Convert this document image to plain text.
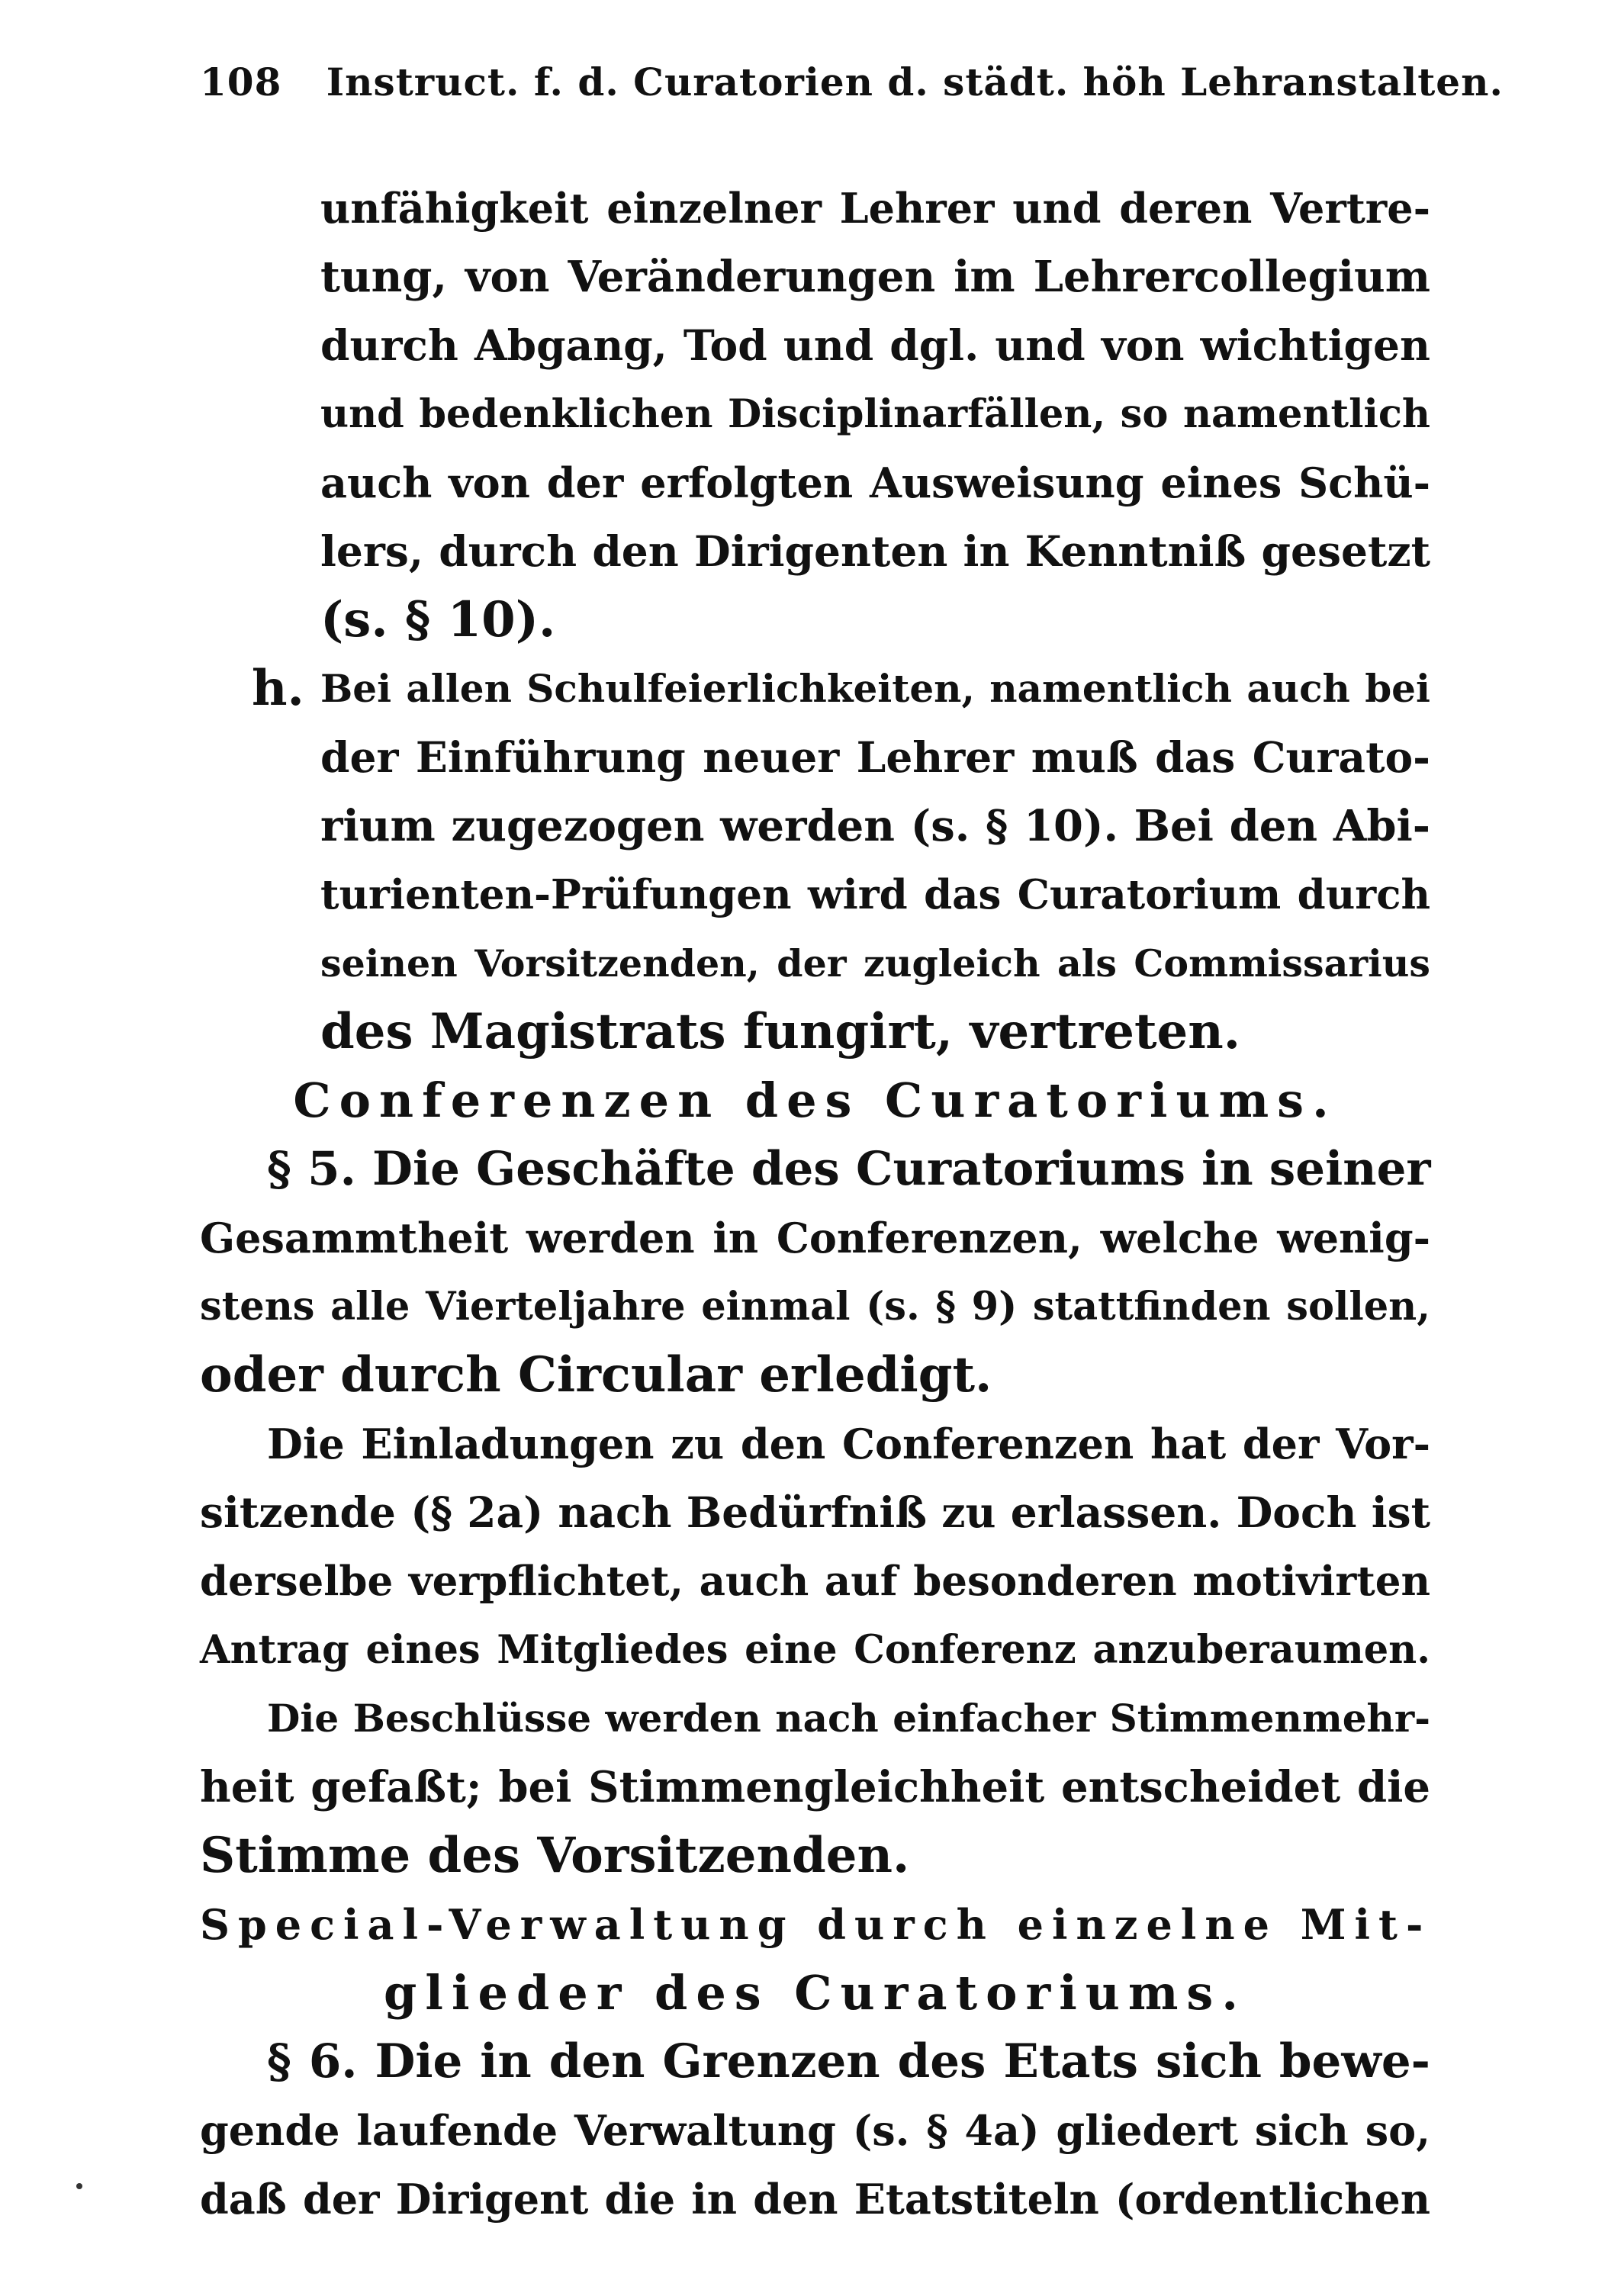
108 Instruct. f. d. Curatorien d. städt. höh Lehranstalten.
unfähigkeit einzelner Lehrer und deren Vertre-
tung, von Veränderungen im Lehrercollegium
durch Abgang, Tod und dgl. und von wichtigen
und bedenklichen Disciplinarfällen, so namentlich
auch von der erfolgten Ausweisung eines Schü-
lers, durch den Dirigenten in Kenntniß gesetzt
(s. § 10).
h. Bei allen Schulfeierlichkeiten, namentlich auch bei
der Einführung neuer Lehrer muß das Curato-
rium zugezogen werden (s. § 10). Bei den Abi-
turienten-Prüfungen wird das Curatorium durch
seinen Vorsitzenden, der zugleich als Commissarius
des Magistrats fungirt, vertreten.
Conferenzen des Curatoriums.
§ 5. Die Geschäfte des Curatoriums in seiner
Gesammtheit werden in Conferenzen, welche wenig-
stens alle Vierteljahre einmal (s. § 9) stattfinden sollen,
oder durch Circular erledigt.
Die Einladungen zu den Conferenzen hat der Vor-
sitzende (§ 2a) nach Bedürfniß zu erlassen. Doch ist
derselbe verpflichtet, auch auf besonderen motivirten
Antrag eines Mitgliedes eine Conferenz anzuberaumen.
Die Beschlüsse werden nach einfacher Stimmenmehr-
heit gefaßt; bei Stimmengleichheit entscheidet die
Stimme des Vorsitzenden.
Special-Verwaltung durch einzelne Mit-
glieder des Curatoriums.
§ 6. Die in den Grenzen des Etats sich bewe-
gende laufende Verwaltung (s. § 4a) gliedert sich so,
daß der Dirigent die in den Etatstiteln (ordentlichen
